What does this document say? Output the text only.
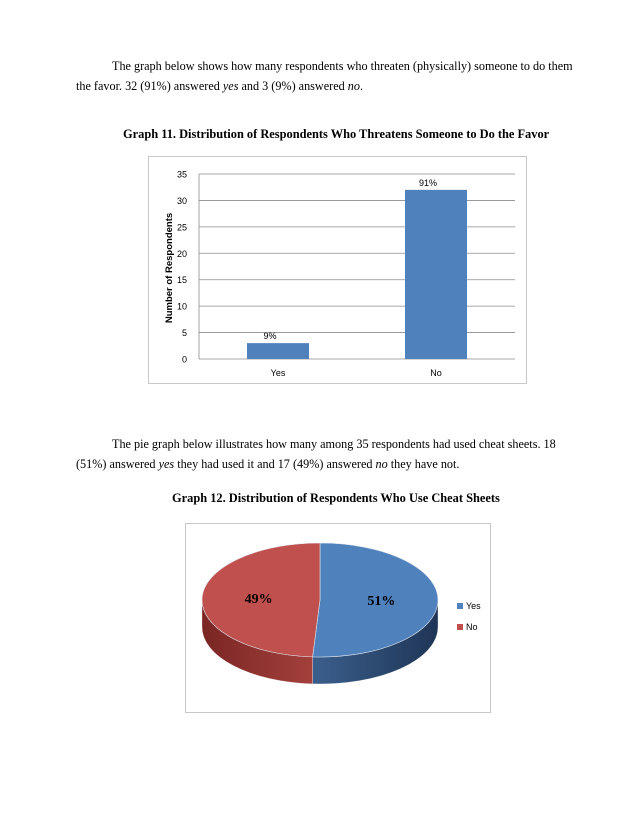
The graph below shows how many respondents who threaten (physically) someone to do them the favor. 32 (91%) answered yes and 3 (9%) answered no.

Graph 11. Distribution of Respondents Who Threatens Someone to Do the Favor
0
5
10
15
20
25
30
35
Yes	No
9%
91%
Number of Respondents

The pie graph below illustrates how many among 35 respondents had used cheat sheets. 18 (51%) answered yes they had used it and 17 (49%) answered no they have not.

Graph 12. Distribution of Respondents Who Use Cheat Sheets
51%
49%	Yes
No
